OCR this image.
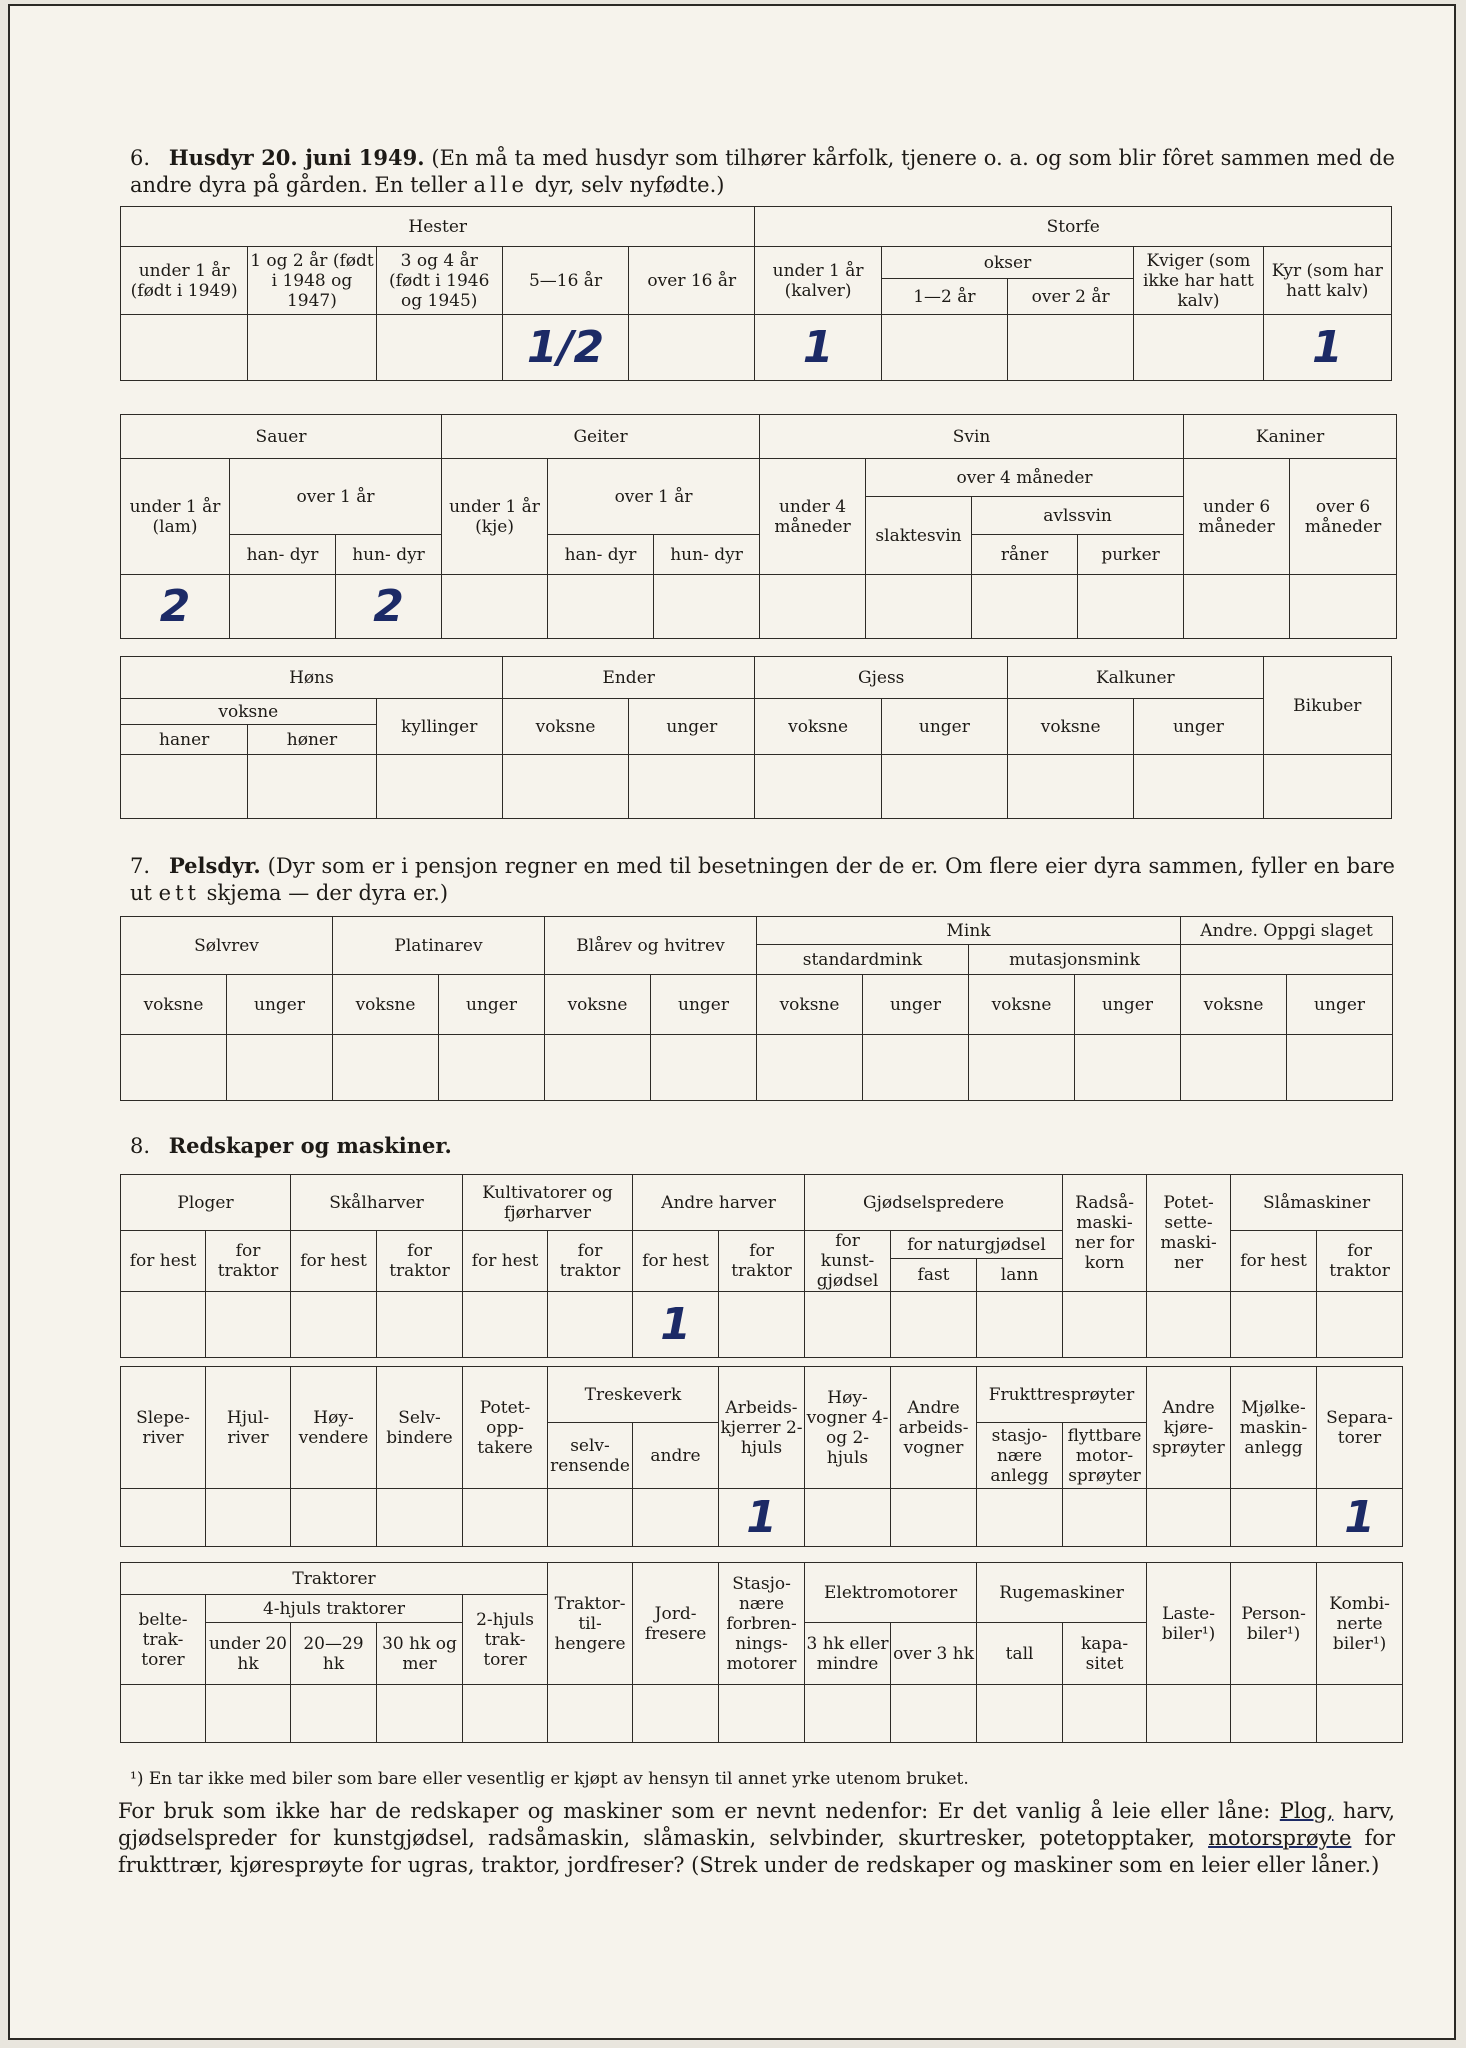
6. Husdyr 20. juni 1949. (En må ta med husdyr som tilhører kårfolk, tjenere o. a. og som blir fôret sammen med de andre dyra på gården. En teller alle dyr, selv nyfødte.)

Hester					Storfe				
under 1 år (født i 1949)	1 og 2 år (født i 1948 og 1947)	3 og 4 år (født i 1946 og 1945)	5—16 år	over 16 år	under 1 år (kalver)	okser		Kviger (som ikke har hatt kalv)	Kyr (som har hatt kalv)
						1—2 år	over 2 år		
			1/2		1				1
Sauer			Geiter			Svin				Kaniner	
under 1 år (lam)	over 1 år		under 1 år (kje)	over 1 år		under 4 måneder	over 4 måneder			under 6 måneder	over 6 måneder
							slaktesvin	avlssvin			
	han- dyr	hun- dyr		han- dyr	hun- dyr			råner	purker		
2		2									
Høns			Ender		Gjess		Kalkuner		Bikuber
voksne		kyllinger	voksne	unger	voksne	unger	voksne	unger	
haner	høner								

7. Pelsdyr. (Dyr som er i pensjon regner en med til besetningen der de er. Om flere eier dyra sammen, fyller en bare ut ett skjema — der dyra er.)

Sølvrev		Platinarev		Blårev og hvitrev		Mink				Andre. Oppgi slaget	
						standardmink		mutasjonsmink			
voksne	unger	voksne	unger	voksne	unger	voksne	unger	voksne	unger	voksne	unger

8. Redskaper og maskiner.

Ploger		Skålharver		Kultivatorer og fjørharver		Andre harver		Gjødselspredere			Radså- maski- ner for korn	Potet- sette- maski- ner	Slåmaskiner	
for hest	for traktor	for hest	for traktor	for hest	for traktor	for hest	for traktor	for kunst- gjødsel	for naturgjødsel				for hest	for traktor
									fast	lann				
						1								
Slepe- river	Hjul- river	Høy- vendere	Selv- bindere	Potet- opp- takere	Treskeverk		Arbeids- kjerrer 2-hjuls	Høy- vogner 4- og 2- hjuls	Andre arbeids- vogner	Frukttresprøyter		Andre kjøre- sprøyter	Mjølke- maskin- anlegg	Separa- torer
					selv- rensende	andre				stasjo- nære anlegg	flyttbare motor- sprøyter			
							1							1
Traktorer					Traktor- til- hengere	Jord- fresere	Stasjo- nære forbren- nings- motorer	Elektromotorer		Rugemaskiner		Laste- biler¹)	Person- biler¹)	Kombi- nerte biler¹)
belte- trak- torer	4-hjuls traktorer			2-hjuls trak- torer										
	under 20 hk	20—29 hk	30 hk og mer					3 hk eller mindre	over 3 hk	tall	kapa- sitet			

¹) En tar ikke med biler som bare eller vesentlig er kjøpt av hensyn til annet yrke utenom bruket.

For bruk som ikke har de redskaper og maskiner som er nevnt nedenfor: Er det vanlig å leie eller låne: Plog, harv, gjødselspreder for kunstgjødsel, radsåmaskin, slåmaskin, selvbinder, skurtresker, potetopptaker, motorsprøyte for frukttrær, kjøresprøyte for ugras, traktor, jordfreser? (Strek under de redskaper og maskiner som en leier eller låner.)
